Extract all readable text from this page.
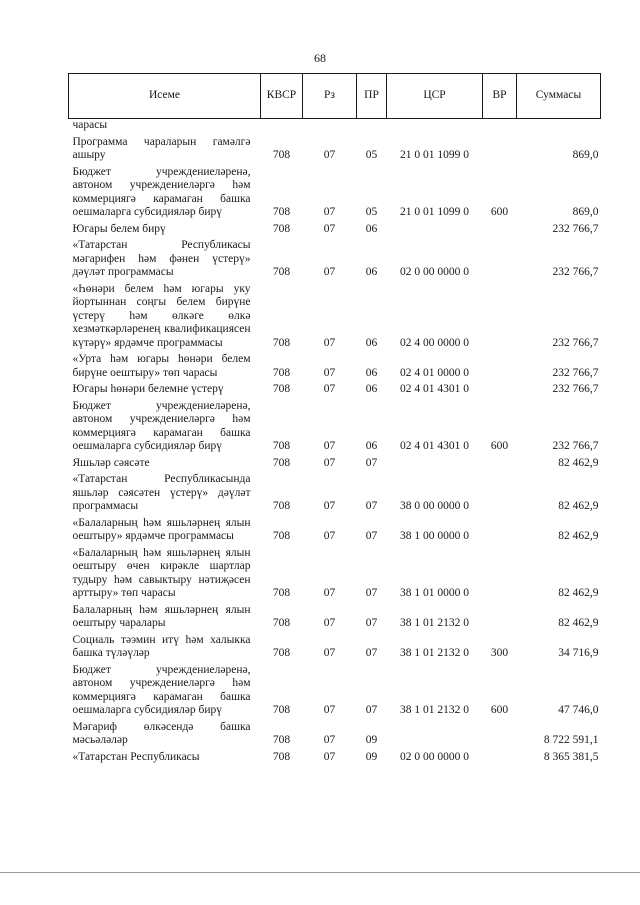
68
Исеме	КВСР	Рз	ПР	ЦСР	ВР	Суммасы
чарасы						
Программа чараларын гамәлгә ашыру	708	07	05	21 0 01 1099 0		869,0
Бюджет учреждениеләренә, автоном учреждениеләргә һәм коммерциягә карамаган башка оешмаларга субсидияләр бирү	708	07	05	21 0 01 1099 0	600	869,0
Югары белем бирү	708	07	06			232 766,7
«Татарстан Республикасы мәгарифен һәм фәнен үстерү» дәүләт программасы	708	07	06	02 0 00 0000 0		232 766,7
«Һөнәри белем һәм югары уку йортыннан соңгы белем бирүне үстерү һәм өлкәге өлкә хезмәткәрләренең квалификациясен күтәрү» ярдәмче программасы	708	07	06	02 4 00 0000 0		232 766,7
«Урта һәм югары һөнәри белем бирүне оештыру» төп чарасы	708	07	06	02 4 01 0000 0		232 766,7
Югары һөнәри белемне үстерү	708	07	06	02 4 01 4301 0		232 766,7
Бюджет учреждениеләренә, автоном учреждениеләргә һәм коммерциягә карамаган башка оешмаларга субсидияләр бирү	708	07	06	02 4 01 4301 0	600	232 766,7
Яшьләр сәясәте	708	07	07			82 462,9
«Татарстан Республикасында яшьләр сәясәтен үстерү» дәүләт программасы	708	07	07	38 0 00 0000 0		82 462,9
«Балаларның һәм яшьләрнең ялын оештыру» ярдәмче программасы	708	07	07	38 1 00 0000 0		82 462,9
«Балаларның һәм яшьләрнең ялын оештыру өчен кирәкле шартлар тудыру һәм савыктыру нәтиҗәсен арттыру» төп чарасы	708	07	07	38 1 01 0000 0		82 462,9
Балаларның һәм яшьләрнең ялын оештыру чаралары	708	07	07	38 1 01 2132 0		82 462,9
Социаль тәэмин итү һәм халыкка башка түләүләр	708	07	07	38 1 01 2132 0	300	34 716,9
Бюджет учреждениеләренә, автоном учреждениеләргә һәм коммерциягә карамаган башка оешмаларга субсидияләр бирү	708	07	07	38 1 01 2132 0	600	47 746,0
Мәгариф өлкәсендә башка мәсьәләләр	708	07	09			8 722 591,1
«Татарстан Республикасы	708	07	09	02 0 00 0000 0		8 365 381,5
